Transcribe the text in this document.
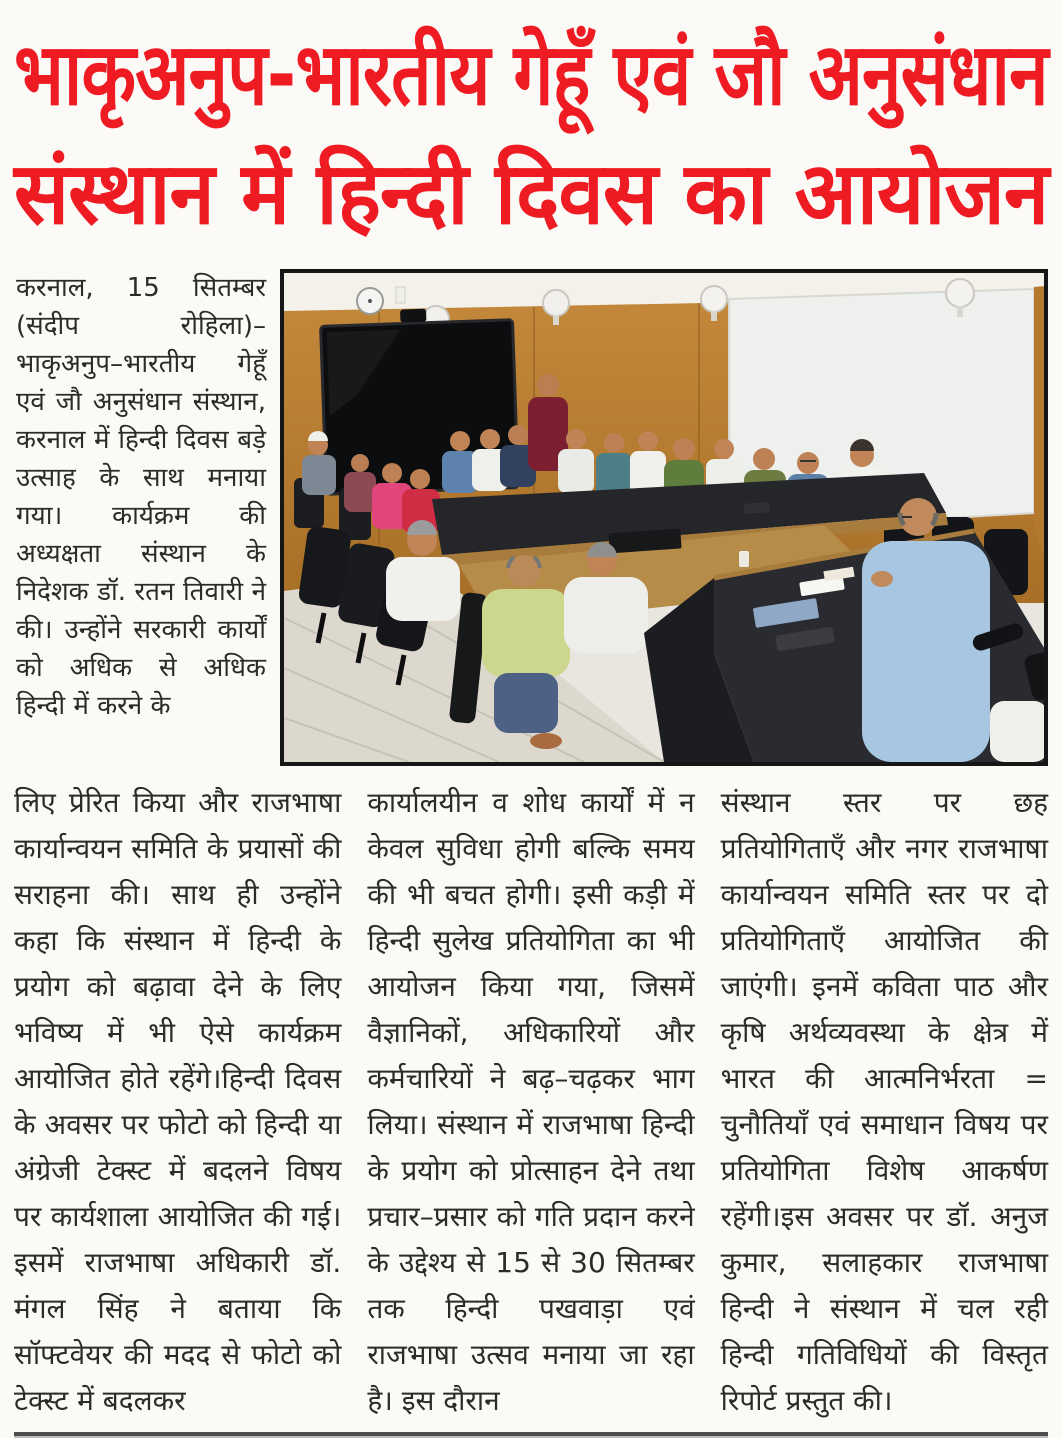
भाकृअनुप-भारतीय गेहूँ एवं जौ अनुसंधान
संस्थान में हिन्दी दिवस का आयोजन

करनाल, 15 सितम्बर (संदीप रोहिला)– भाकृअनुप–भारतीय गेहूँ एवं जौ अनुसंधान संस्थान, करनाल में हिन्दी दिवस बड़े उत्साह के साथ मनाया गया। कार्यक्रम की अध्यक्षता संस्थान के निदेशक डॉ. रतन तिवारी ने की। उन्होंने सरकारी कार्यों को अधिक से अधिक हिन्दी में करने के

लिए प्रेरित किया और राजभाषा कार्यान्वयन समिति के प्रयासों की सराहना की। साथ ही उन्होंने कहा कि संस्थान में हिन्दी के प्रयोग को बढ़ावा देने के लिए भविष्य में भी ऐसे कार्यक्रम आयोजित होते रहेंगे।हिन्दी दिवस के अवसर पर फोटो को हिन्दी या अंग्रेजी टेक्स्ट में बदलने विषय पर कार्यशाला आयोजित की गई। इसमें राजभाषा अधिकारी डॉ. मंगल सिंह ने बताया कि सॉफ्टवेयर की मदद से फोटो को टेक्स्ट में बदलकर

कार्यालयीन व शोध कार्यों में न केवल सुविधा होगी बल्कि समय की भी बचत होगी। इसी कड़ी में हिन्दी सुलेख प्रतियोगिता का भी आयोजन किया गया, जिसमें वैज्ञानिकों, अधिकारियों और कर्मचारियों ने बढ़–चढ़कर भाग लिया। संस्थान में राजभाषा हिन्दी के प्रयोग को प्रोत्साहन देने तथा प्रचार–प्रसार को गति प्रदान करने के उद्देश्य से 15 से 30 सितम्बर तक हिन्दी पखवाड़ा एवं राजभाषा उत्सव मनाया जा रहा है। इस दौरान

संस्थान स्तर पर छह प्रतियोगिताएँ और नगर राजभाषा कार्यान्वयन समिति स्तर पर दो प्रतियोगिताएँ आयोजित की जाएंगी। इनमें कविता पाठ और कृषि अर्थव्यवस्था के क्षेत्र में भारत की आत्मनिर्भरता = चुनौतियाँ एवं समाधान विषय पर प्रतियोगिता विशेष आकर्षण रहेंगी।इस अवसर पर डॉ. अनुज कुमार, सलाहकार राजभाषा हिन्दी ने संस्थान में चल रही हिन्दी गतिविधियों की विस्तृत रिपोर्ट प्रस्तुत की।
